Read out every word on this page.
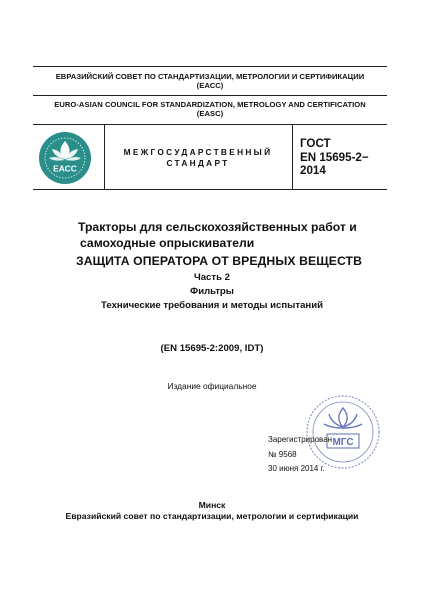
ЕВРАЗИЙСКИЙ СОВЕТ ПО СТАНДАРТИЗАЦИИ, МЕТРОЛОГИИ И СЕРТИФИКАЦИИ
(ЕАСС)
EURO-ASIAN COUNCIL FOR STANDARDIZATION, METROLOGY AND CERTIFICATION
(EASC)
ЕАСС
МЕЖГОСУДАРСТВЕННЫЙ
СТАНДАРТ
ГОСТ
EN 15695-2−
2014
Тракторы для сельскохозяйственных работ и
самоходные опрыскиватели
ЗАЩИТА ОПЕРАТОРА ОТ ВРЕДНЫХ ВЕЩЕСТВ
Часть 2
Фильтры
Технические требования и методы испытаний
(EN 15695-2:2009, IDT)
Издание официальное
МГС
Зарегистрирован
№ 9568
30 июня 2014 г.
Минск
Евразийский совет по стандартизации, метрологии и сертификации
